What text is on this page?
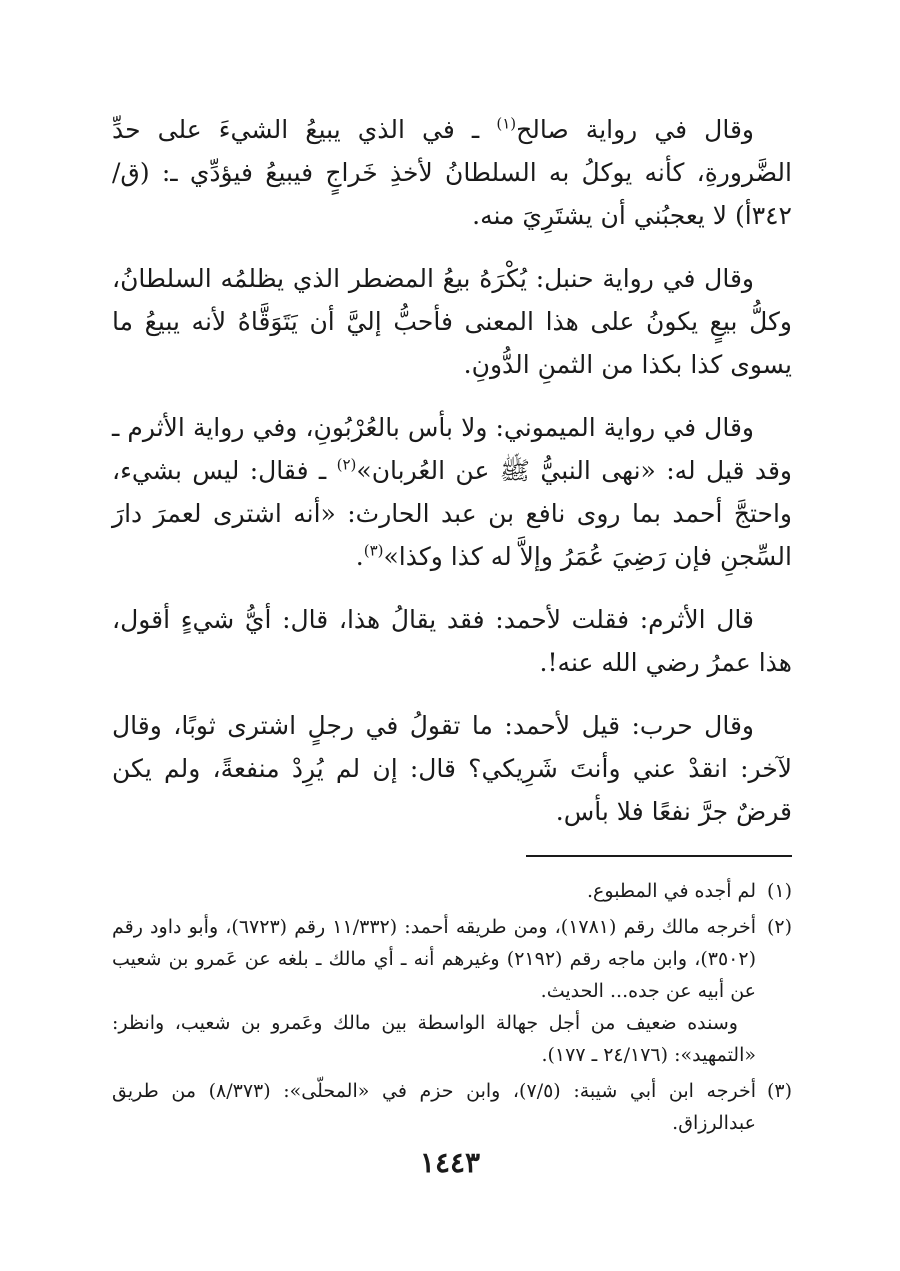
وقال في رواية صالح$^{(١)}$ ـ في الذي يبيعُ الشيءَ على حدِّ الضَّرورةِ، كأنه يوكلُ به السلطانُ لأخذِ خَراجٍ فيبيعُ فيؤدِّي ـ: (ق/٣٤٢أ) لا يعجبُني أن يشتَرِيَ منه.

وقال في رواية حنبل: يُكْرَهُ بيعُ المضطر الذي يظلمُه السلطانُ، وكلُّ بيعٍ يكونُ على هذا المعنى فأحبُّ إليَّ أن يَتَوَقَّاهُ لأنه يبيعُ ما يسوى كذا بكذا من الثمنِ الدُّونِ.

وقال في رواية الميموني: ولا بأس بالعُرْبُونِ، وفي رواية الأثرم ـ وقد قيل له: «نهى النبيُّ ﷺ عن العُربان»$^{(٢)}$ ـ فقال: ليس بشيء، واحتجَّ أحمد بما روى نافع بن عبد الحارث: «أنه اشترى لعمرَ دارَ السِّجنِ فإن رَضِيَ عُمَرُ وإلاَّ له كذا وكذا»$^{(٣)}$.

قال الأثرم: فقلت لأحمد: فقد يقالُ هذا، قال: أيُّ شيءٍ أقول، هذا عمرُ رضي الله عنه!.

وقال حرب: قيل لأحمد: ما تقولُ في رجلٍ اشترى ثوبًا، وقال لآخر: انقدْ عني وأنتَ شَرِيكي؟ قال: إن لم يُرِدْ منفعةً، ولم يكن قرضٌ جرَّ نفعًا فلا بأس.

(١)
لم أجده في المطبوع.
(٢)
أخرجه مالك رقم (١٧٨١)، ومن طريقه أحمد: (١١/٣٣٢ رقم (٦٧٢٣)، وأبو داود رقم (٣٥٠٢)، وابن ماجه رقم (٢١٩٢) وغيرهم أنه ـ أي مالك ـ بلغه عن عَمرو بن شعيب عن أبيه عن جده... الحديث.
وسنده ضعيف من أجل جهالة الواسطة بين مالك وعَمرو بن شعيب، وانظر: «التمهيد»: (٢٤/١٧٦ ـ ١٧٧).
(٣)
أخرجه ابن أبي شيبة: (٧/٥)، وابن حزم في «المحلّى»: (٨/٣٧٣) من طريق عبدالرزاق.
١٤٤٣
